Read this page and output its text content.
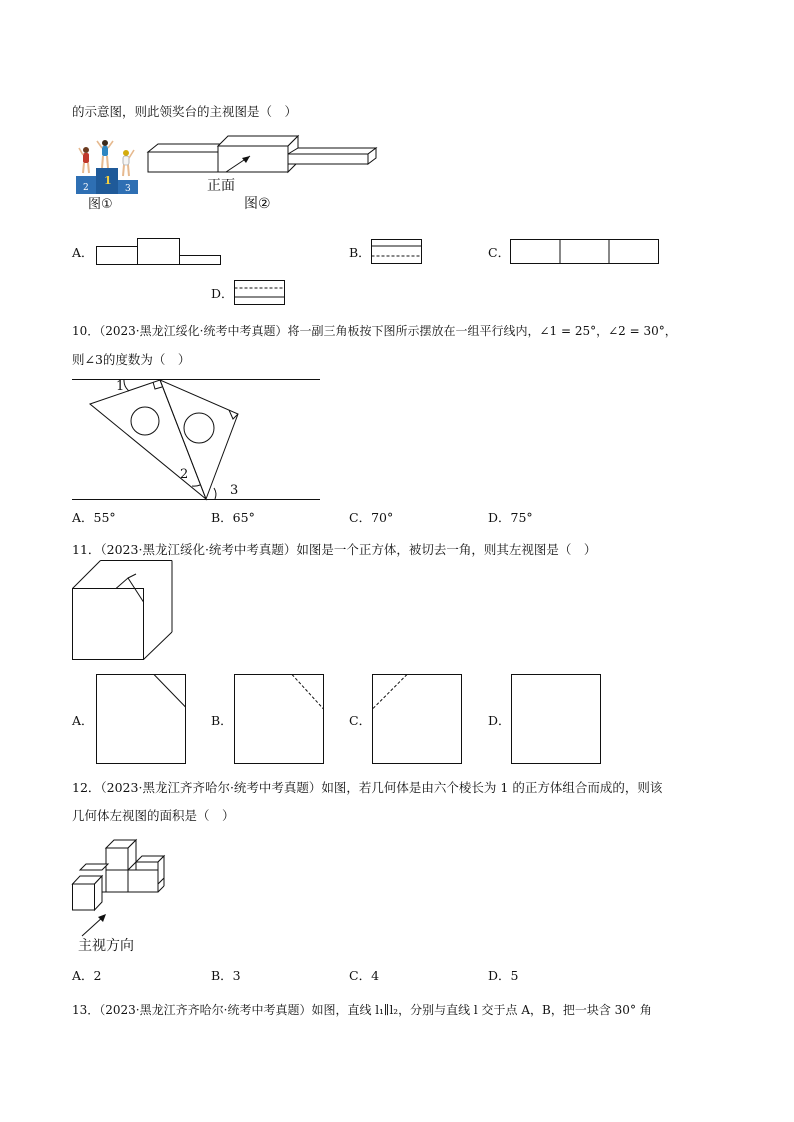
的示意图，则此领奖台的主视图是（　）
2
1
3
图①
正面
图②
A．	B．	C．
D．
10．（2023·黑龙江绥化·统考中考真题）将一副三角板按下图所示摆放在一组平行线内，∠1 = 25°，∠2 = 30°，
则∠3的度数为（　）
1
2
3
A．55°	B．65°	C．70°	D．75°
11．（2023·黑龙江绥化·统考中考真题）如图是一个正方体，被切去一角，则其左视图是（　）
A．	B．	C．	D．
12．（2023·黑龙江齐齐哈尔·统考中考真题）如图，若几何体是由六个棱长为 1 的正方体组合而成的，则该
几何体左视图的面积是（　）
主视方向
A．2	B．3	C．4	D．5
13．（2023·黑龙江齐齐哈尔·统考中考真题）如图，直线 l₁∥l₂，分别与直线 l 交于点 A，B，把一块含 30° 角
